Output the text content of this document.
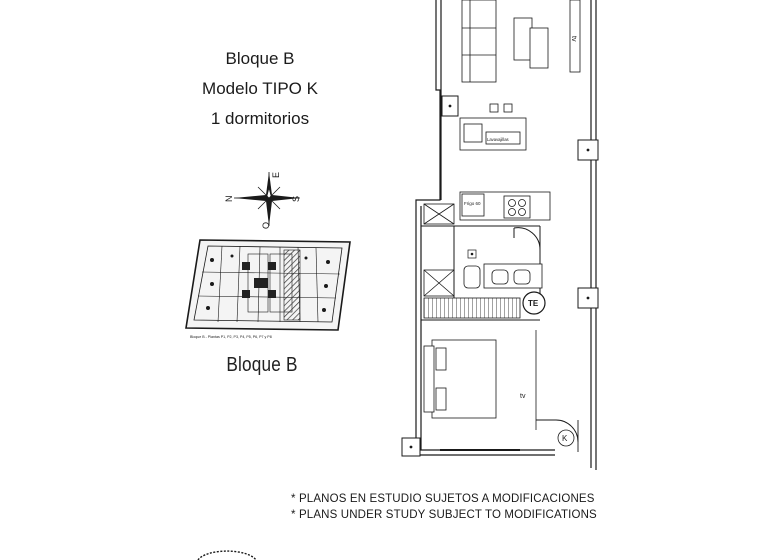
Bloque B
Modelo TIPO K
1 dormitorios
N
E
S
O
Bloque B - Plantas P1, P2, P3, P4, P5, P6, P7 y P8
Bloque B
tv
Lavavajillas
Frigo 60
TE
tv
K
* PLANOS EN ESTUDIO SUJETOS A MODIFICACIONES
* PLANS UNDER STUDY SUBJECT TO MODIFICATIONS
